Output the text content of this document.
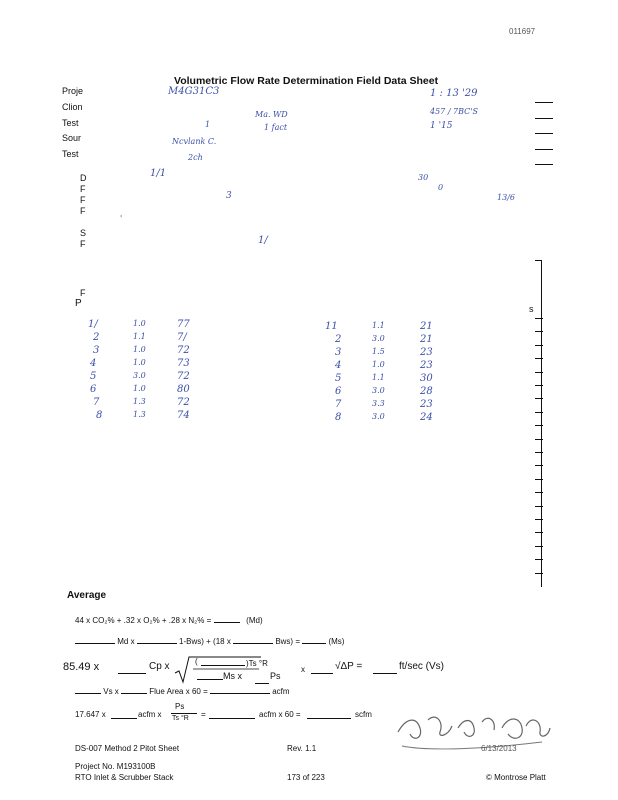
011697
Volumetric Flow Rate Determination Field Data Sheet
Proje
Clion
Test
Sour
Test
M4G31C3	1 : 13 '29
Ma. WD	457 / 7BC'S
1 fact
1	1 '15
Ncvlank C.
2ch
D
F
F
F
S
F
F
P
1/1	30
0
13/6
3
1/
'
s
1/	1.0	77
2	1.1	7/
3	1.0	72
4	1.0	73
5	3.0	72
6	1.0	80
7	1.3	72
8	1.3	74
11	1.1	21
2	3.0	21
3	1.5	23
4	1.0	23
5	1.1	30
6	3.0	28
7	3.3	23
8	3.0	24
Average
44 x CO₂% + .32 x O₂% + .28 x N₂% =	(Md)
Md x	1-Bws) + (18 x	Bws) =	(Ms)
85.49 x	Cp x	(	)Ts °R
Ms x	Ps
x	√ΔP =	ft/sec (Vs)
Vs x	Flue Area x 60 =	acfm
17.647 x	acfm x
Ps
Ts °R =	acfm x 60 =	scfm
DS-007 Method 2 Pitot Sheet	Rev. 1.1	6/13/2013
Project No. M193100B
RTO Inlet & Scrubber Stack	173 of 223	© Montrose Platt
